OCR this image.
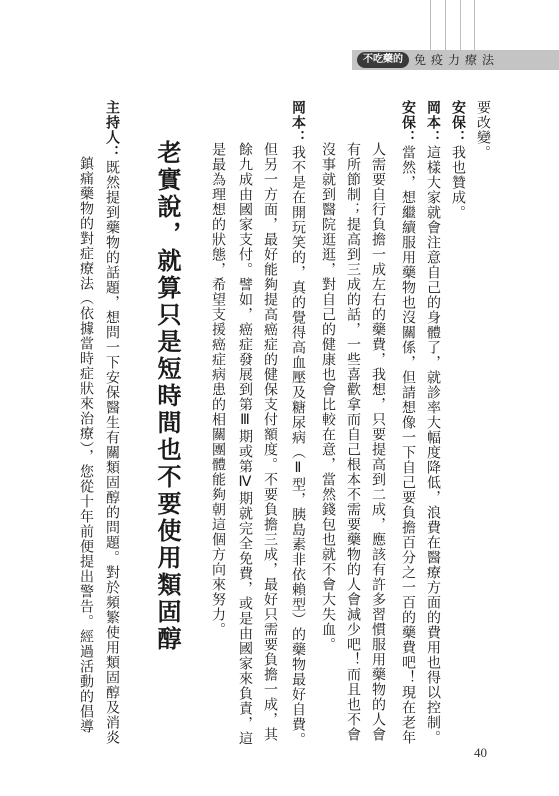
不吃藥的 免疫力療法
要改變。
安保：我也贊成。
岡本：這樣大家就會注意自己的身體了，就診率大幅度降低，浪費在醫療方面的費用也得以控制。
安保：當然，想繼續服用藥物也沒關係，但請想像一下自己要負擔百分之一百的藥費吧！現在老年
人需要自行負擔一成左右的藥費，我想，只要提高到二成，應該有許多習慣服用藥物的人會
有所節制；提高到三成的話，一些喜歡拿而自己根本不需要藥物的人會減少吧！而且也不會
沒事就到醫院逛逛，對自己的健康也會比較在意，當然錢包也就不會大失血。
岡本：我不是在開玩笑的，真的覺得高血壓及糖尿病（Ⅱ型，胰島素非依賴型）的藥物最好自費。
但另一方面，最好能夠提高癌症的健保支付額度。不要負擔三成，最好只需要負擔一成，其
餘九成由國家支付。譬如，癌症發展到第Ⅲ期或第Ⅳ期就完全免費，或是由國家來負責，這
是最為理想的狀態，希望支援癌症病患的相關團體能夠朝這個方向來努力。
老實說，就算只是短時間也不要使用類固醇
主持人：既然提到藥物的話題，想問一下安保醫生有關類固醇的問題。對於頻繁使用類固醇及消炎
鎮痛藥物的對症療法（依據當時症狀來治療），您從十年前便提出警告。經過活動的倡導
40
